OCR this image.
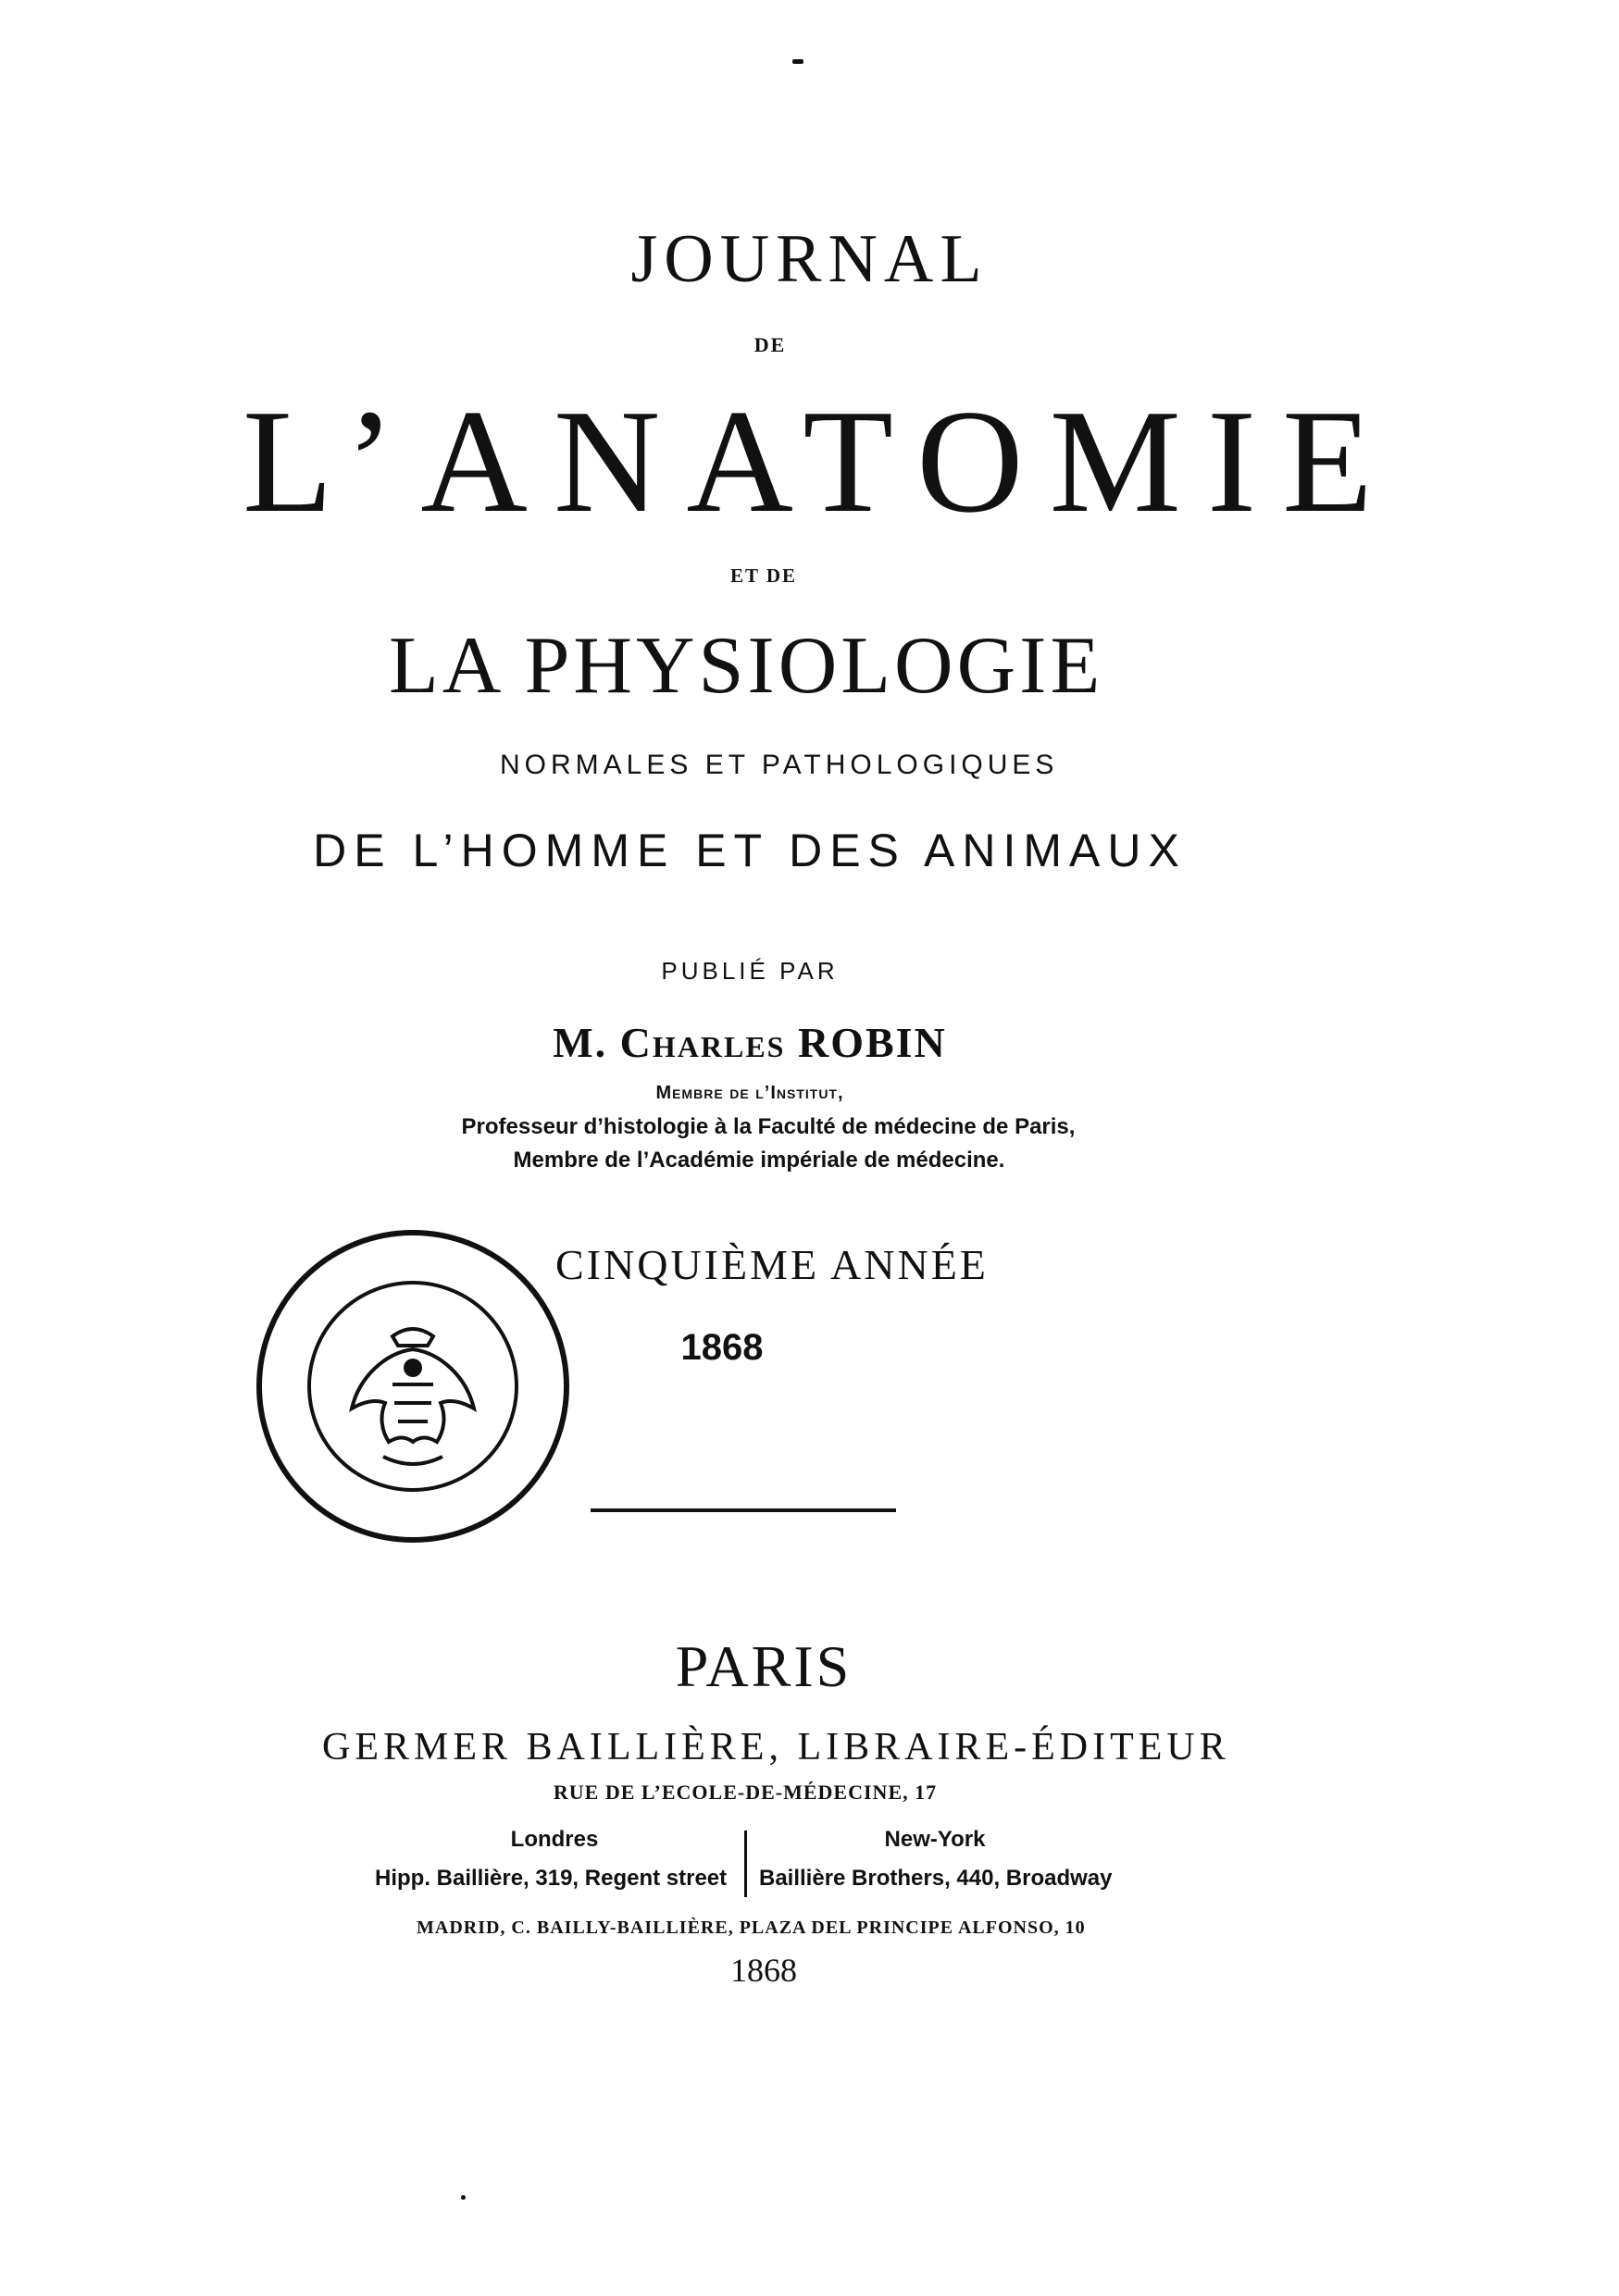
JOURNAL
DE
L’ANATOMIE
ET DE
LA PHYSIOLOGIE
NORMALES ET PATHOLOGIQUES
DE L’HOMME ET DES ANIMAUX
PUBLIÉ PAR
M. Charles ROBIN
Membre de l’Institut,
Professeur d’histologie à la Faculté de médecine de Paris,
Membre de l’Académie impériale de médecine.
CINQUIÈME ANNÉE
1868
PARIS
GERMER BAILLIÈRE, LIBRAIRE-ÉDITEUR
RUE DE L’ECOLE-DE-MÉDECINE, 17
Londres	New-York
Hipp. Baillière, 319, Regent street Baillière Brothers, 440, Broadway
MADRID, C. BAILLY-BAILLIÈRE, PLAZA DEL PRINCIPE ALFONSO, 10
1868
